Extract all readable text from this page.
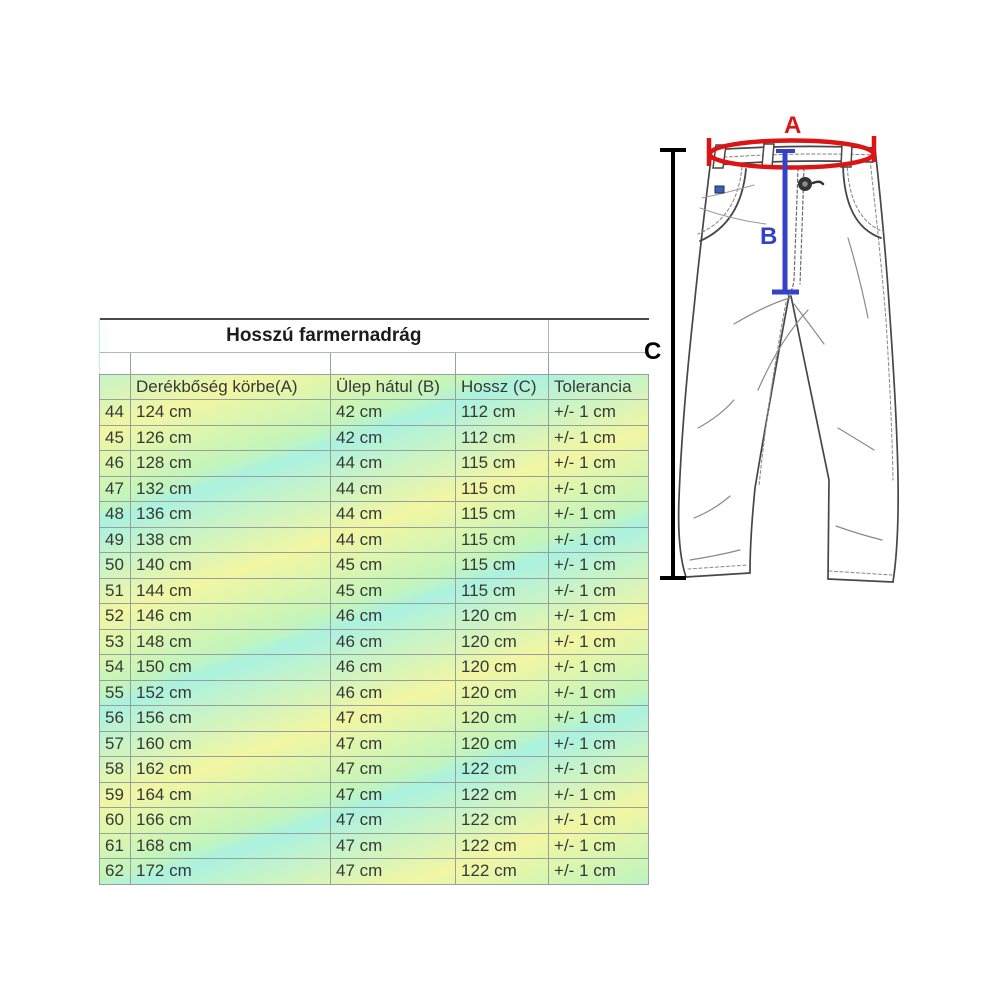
Hosszú farmernadrág				

	Derékbőség körbe(A)	Ülep hátul (B)	Hossz (C)	Tolerancia
44	124 cm	42 cm	112 cm	+/- 1 cm
45	126 cm	42 cm	112 cm	+/- 1 cm
46	128 cm	44 cm	115 cm	+/- 1 cm
47	132 cm	44 cm	115 cm	+/- 1 cm
48	136 cm	44 cm	115 cm	+/- 1 cm
49	138 cm	44 cm	115 cm	+/- 1 cm
50	140 cm	45 cm	115 cm	+/- 1 cm
51	144 cm	45 cm	115 cm	+/- 1 cm
52	146 cm	46 cm	120 cm	+/- 1 cm
53	148 cm	46 cm	120 cm	+/- 1 cm
54	150 cm	46 cm	120 cm	+/- 1 cm
55	152 cm	46 cm	120 cm	+/- 1 cm
56	156 cm	47 cm	120 cm	+/- 1 cm
57	160 cm	47 cm	120 cm	+/- 1 cm
58	162 cm	47 cm	122 cm	+/- 1 cm
59	164 cm	47 cm	122 cm	+/- 1 cm
60	166 cm	47 cm	122 cm	+/- 1 cm
61	168 cm	47 cm	122 cm	+/- 1 cm
62	172 cm	47 cm	122 cm	+/- 1 cm
C
A
B
